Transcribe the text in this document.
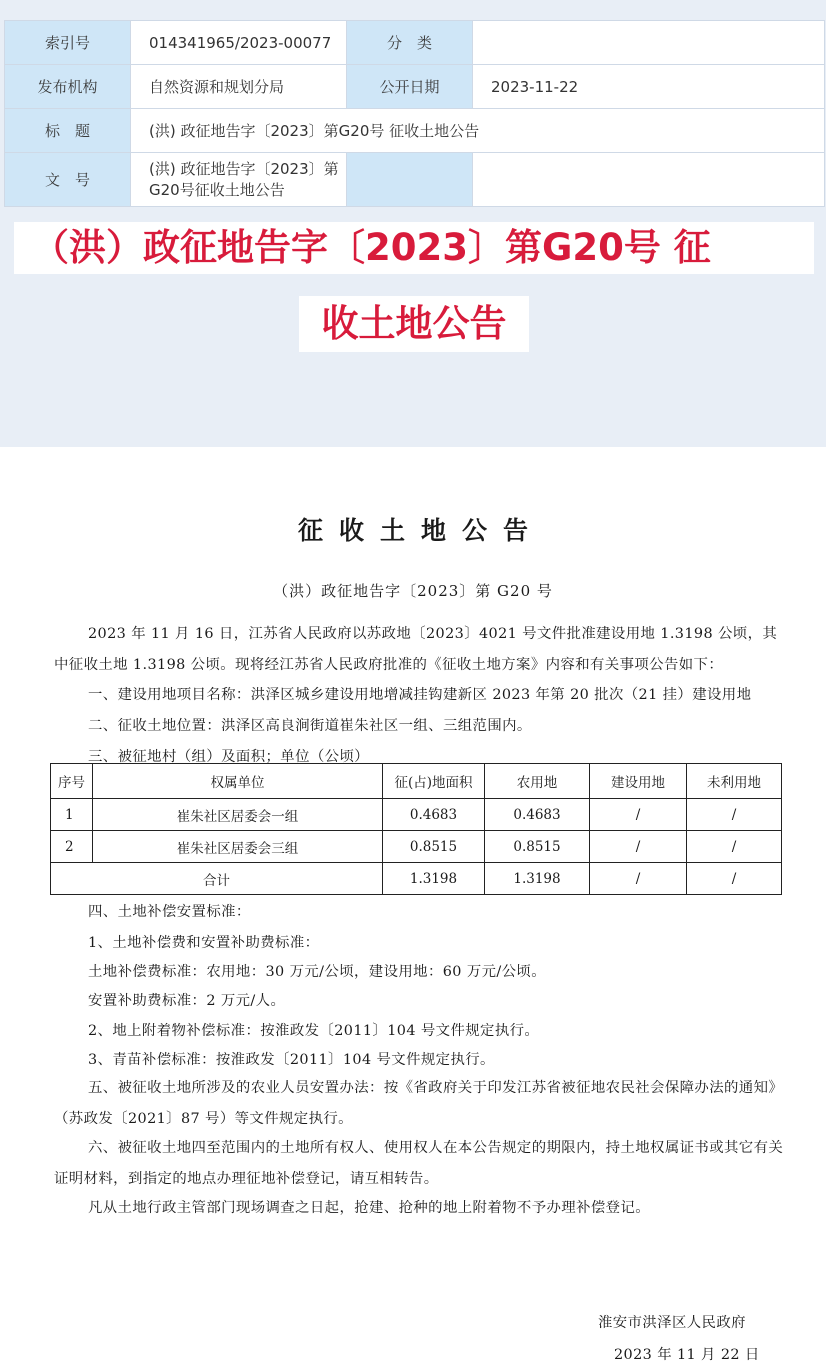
索引号	014341965/2023-00077	分　类	
发布机构	自然资源和规划分局	公开日期	2023-11-22
标　题	(洪) 政征地告字〔2023〕第G20号 征收土地公告		
文　号	(洪) 政征地告字〔2023〕第G20号征收土地公告		
（洪）政征地告字〔2023〕第G20号 征
收土地公告
征收土地公告
（洪）政征地告字〔2023〕第 G20 号
2023 年 11 月 16 日，江苏省人民政府以苏政地〔2023〕4021 号文件批准建设用地 1.3198 公顷，其中征收土地 1.3198 公顷。现将经江苏省人民政府批准的《征收土地方案》内容和有关事项公告如下：
一、建设用地项目名称：洪泽区城乡建设用地增减挂钩建新区 2023 年第 20 批次（21 挂）建设用地
二、征收土地位置：洪泽区高良涧街道崔朱社区一组、三组范围内。
三、被征地村（组）及面积；单位（公顷）
序号	权属单位	征(占)地面积	农用地	建设用地	未利用地
1	崔朱社区居委会一组	0.4683	0.4683	/	/
2	崔朱社区居委会三组	0.8515	0.8515	/	/
合计		1.3198	1.3198	/	/
四、土地补偿安置标准：
1、土地补偿费和安置补助费标准：
土地补偿费标准：农用地：30 万元/公顷，建设用地：60 万元/公顷。
安置补助费标准：2 万元/人。
2、地上附着物补偿标准：按淮政发〔2011〕104 号文件规定执行。
3、青苗补偿标准：按淮政发〔2011〕104 号文件规定执行。
五、被征收土地所涉及的农业人员安置办法：按《省政府关于印发江苏省被征地农民社会保障办法的通知》（苏政发〔2021〕87 号）等文件规定执行。
六、被征收土地四至范围内的土地所有权人、使用权人在本公告规定的期限内，持土地权属证书或其它有关证明材料，到指定的地点办理征地补偿登记，请互相转告。
凡从土地行政主管部门现场调查之日起，抢建、抢种的地上附着物不予办理补偿登记。
淮安市洪泽区人民政府
2023 年 11 月 22 日
